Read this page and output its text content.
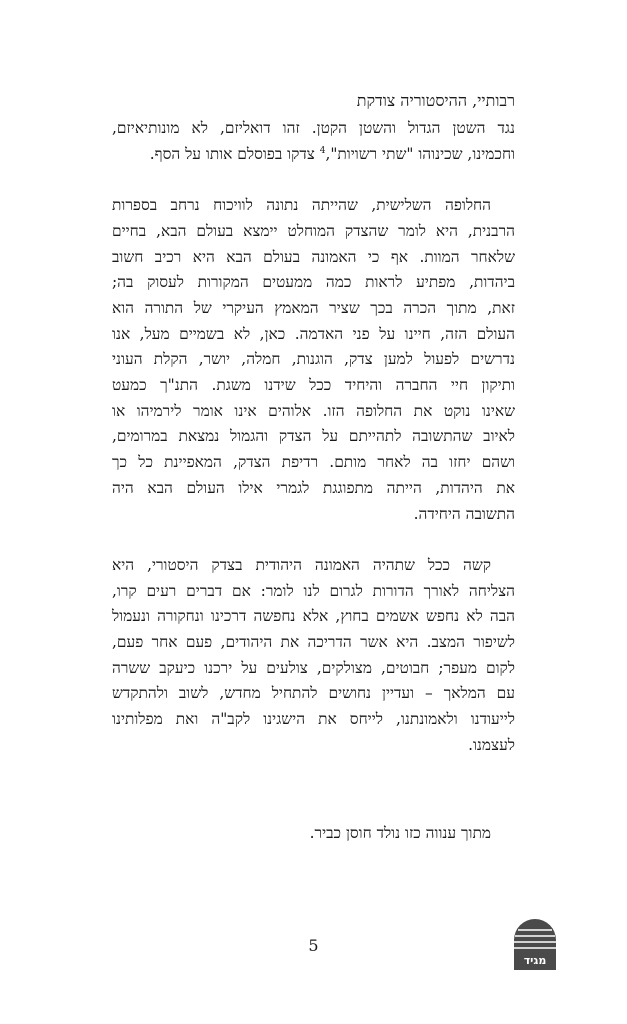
רבותיי, ההיסטוריה צודקת
נגד השטן הגדול והשטן הקטן. זהו דואליזם, לא מונותיאיזם,
וחכמינו, שכינוהו "שתי רשויות",$^4$ צדקו בפוסלם אותו על הסף.
החלופה השלישית, שהייתה נתונה לוויכוח נרחב בספרות
הרבנית, היא לומר שהצדק המוחלט יימצא בעולם הבא, בחיים
שלאחר המוות. אף כי האמונה בעולם הבא היא רכיב חשוב
ביהדות, מפתיע לראות כמה ממעטים המקורות לעסוק בה;
זאת, מתוך הכרה בכך שציר המאמץ העיקרי של התורה הוא
העולם הזה, חיינו על פני האדמה. כאן, לא בשמיים מעל, אנו
נדרשים לפעול למען צדק, הוגנות, חמלה, יושר, הקלת העוני
ותיקון חיי החברה והיחיד ככל שידנו משגת. התנ"ך כמעט
שאינו נוקט את החלופה הזו. אלוהים אינו אומר לירמיהו או
לאיוב שהתשובה לתהייתם על הצדק והגמול נמצאת במרומים,
ושהם יחזו בה לאחר מותם. רדיפת הצדק, המאפיינת כל כך
את היהדות, הייתה מתפוגגת לגמרי אילו העולם הבא היה
התשובה היחידה.
קשה ככל שתהיה האמונה היהודית בצדק היסטורי, היא
הצליחה לאורך הדורות לגרום לנו לומר: אם דברים רעים קרו,
הבה לא נחפש אשמים בחוץ, אלא נחפשה דרכינו ונחקורה ונעמול
לשיפור המצב. היא אשר הדריכה את היהודים, פעם אחר פעם,
לקום מעפר; חבוטים, מצולקים, צולעים על ירכנו כיעקב ששרה
עם המלאך – ועדיין נחושים להתחיל מחדש, לשוב ולהתקדש
לייעודנו ולאמונתנו, לייחס את הישגינו לקב"ה ואת מפלותינו
לעצמנו.
מתוך ענווה כזו נולד חוסן כביר.
5
מגיד
